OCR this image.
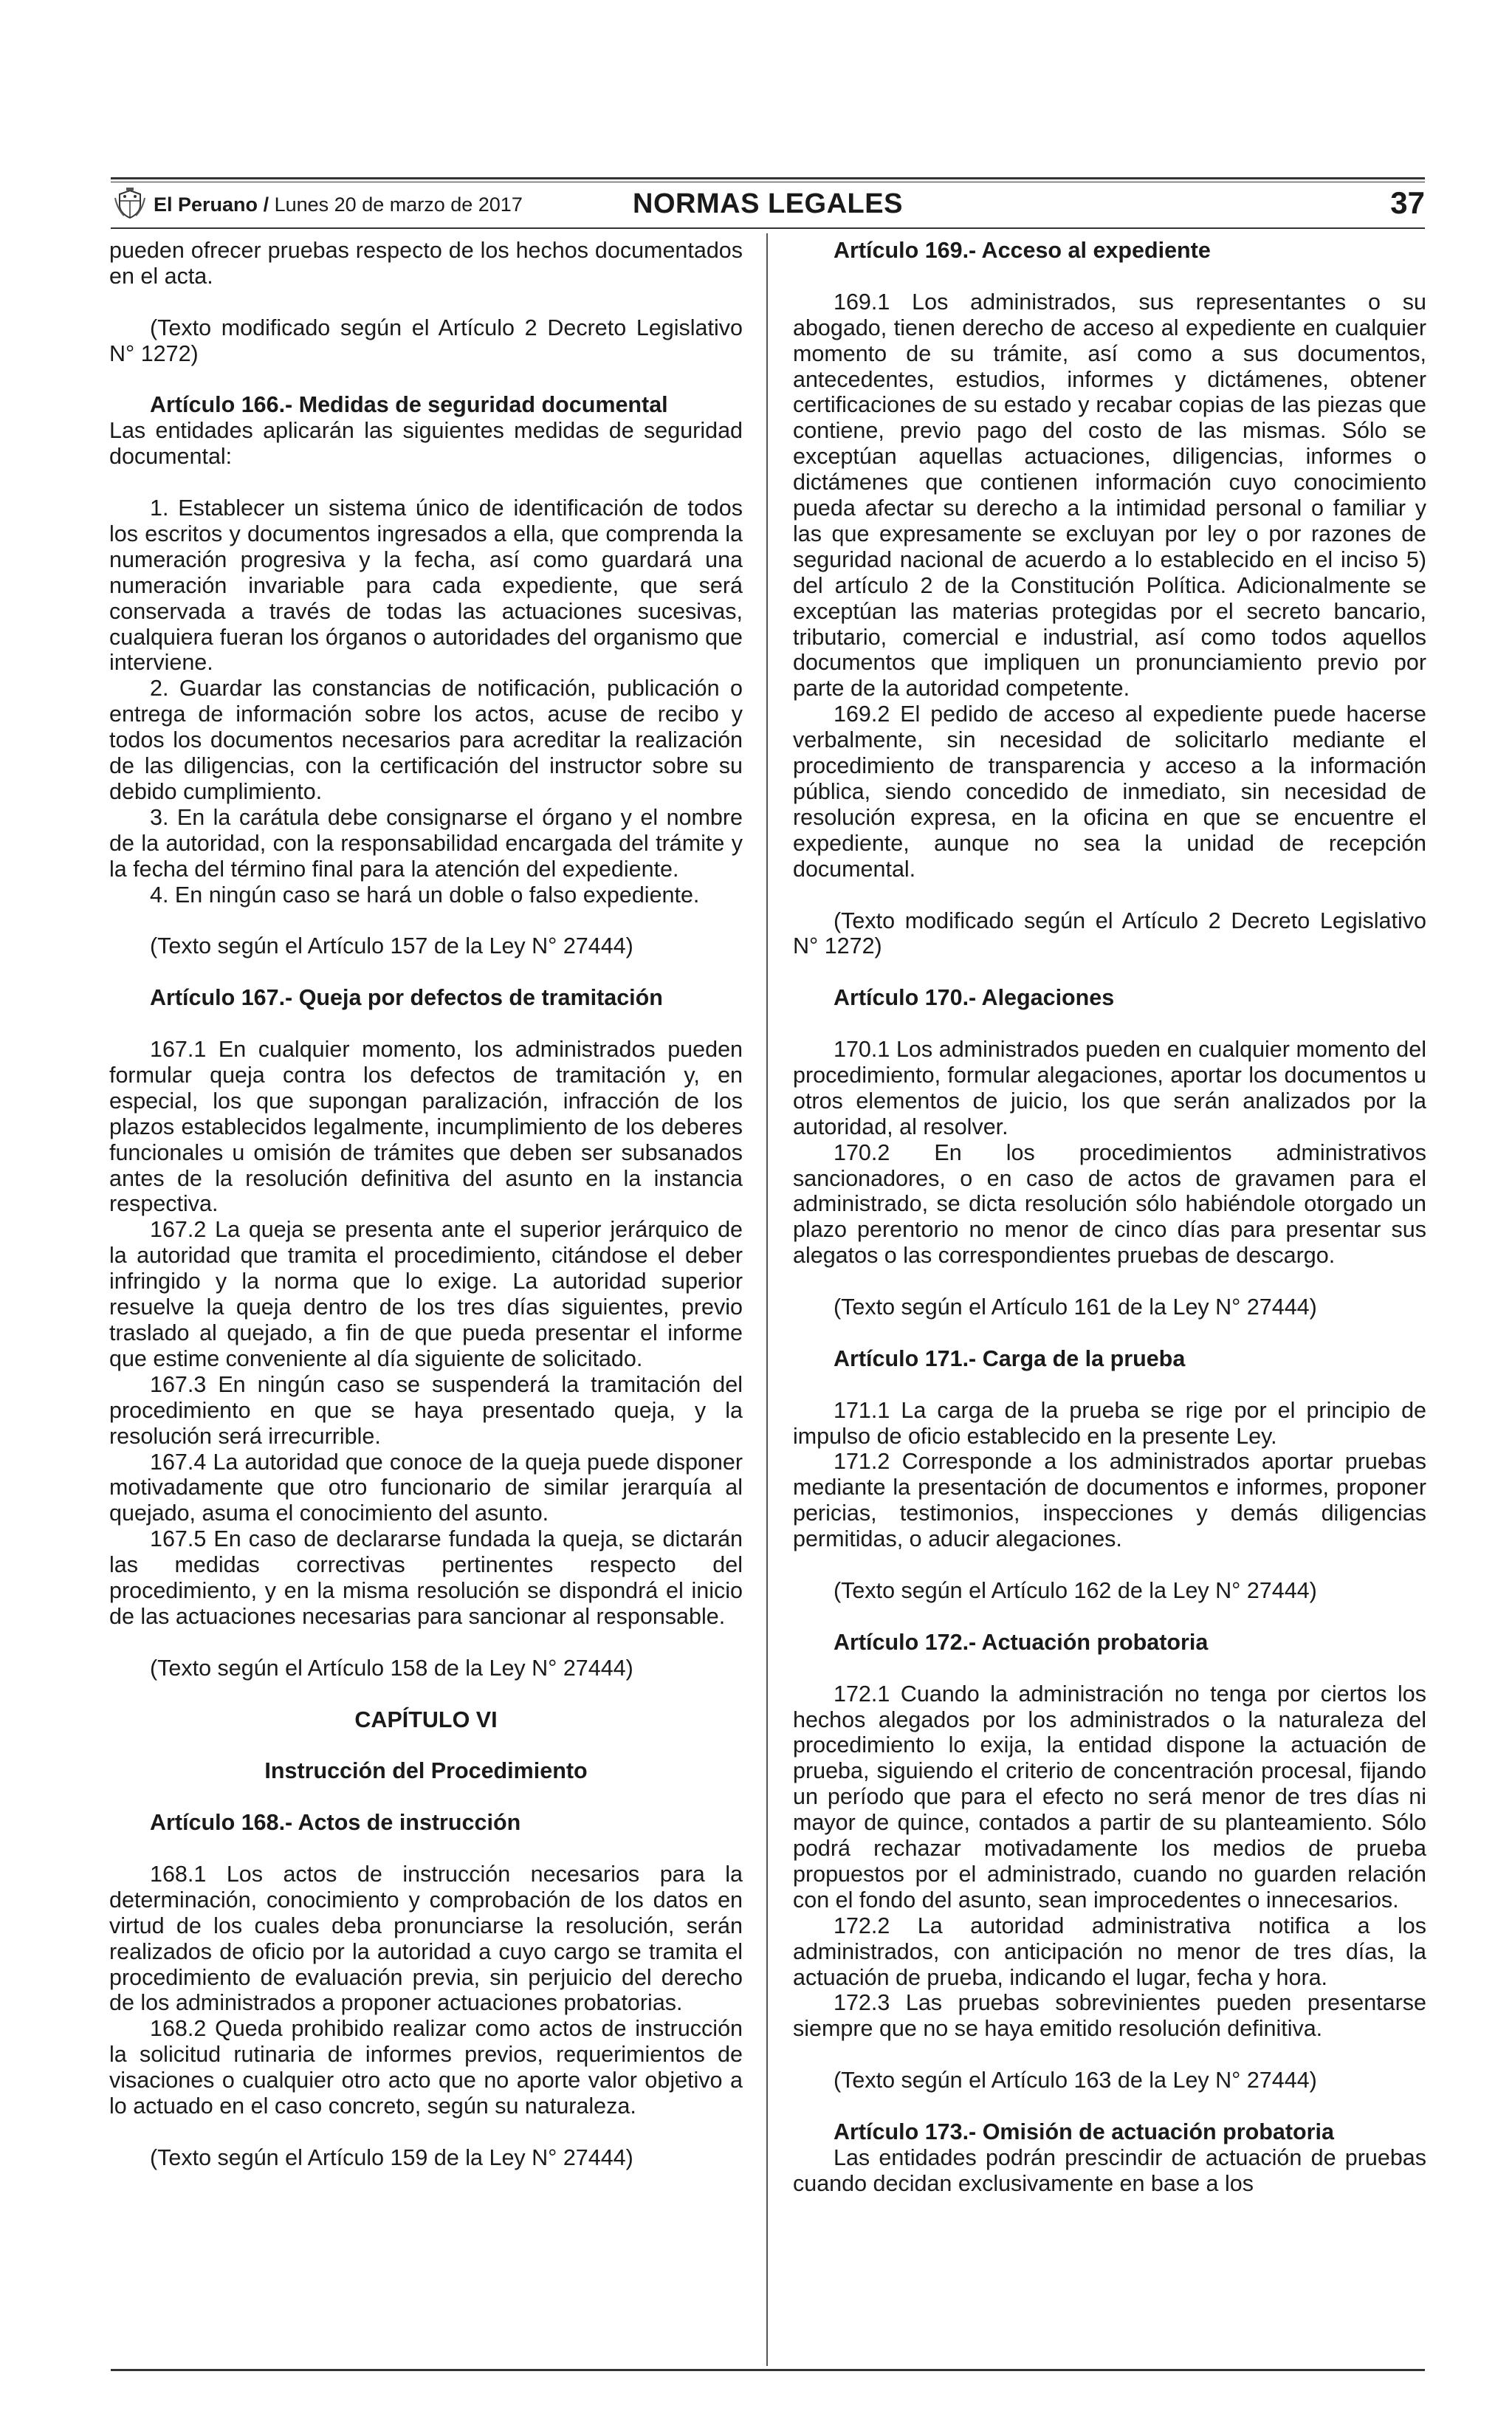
El Peruano / Lunes 20 de marzo de 2017	NORMAS LEGALES	37

pueden ofrecer pruebas respecto de los hechos documentados en el acta.

(Texto modificado según el Artículo 2 Decreto Legislativo N° 1272)

Artículo 166.- Medidas de seguridad documental

Las entidades aplicarán las siguientes medidas de seguridad documental:

1. Establecer un sistema único de identificación de todos los escritos y documentos ingresados a ella, que comprenda la numeración progresiva y la fecha, así como guardará una numeración invariable para cada expediente, que será conservada a través de todas las actuaciones sucesivas, cualquiera fueran los órganos o autoridades del organismo que interviene.

2. Guardar las constancias de notificación, publicación o entrega de información sobre los actos, acuse de recibo y todos los documentos necesarios para acreditar la realización de las diligencias, con la certificación del instructor sobre su debido cumplimiento.

3. En la carátula debe consignarse el órgano y el nombre de la autoridad, con la responsabilidad encargada del trámite y la fecha del término final para la atención del expediente.

4. En ningún caso se hará un doble o falso expediente.

(Texto según el Artículo 157 de la Ley N° 27444)

Artículo 167.- Queja por defectos de tramitación

167.1 En cualquier momento, los administrados pueden formular queja contra los defectos de tramitación y, en especial, los que supongan paralización, infracción de los plazos establecidos legalmente, incumplimiento de los deberes funcionales u omisión de trámites que deben ser subsanados antes de la resolución definitiva del asunto en la instancia respectiva.

167.2 La queja se presenta ante el superior jerárquico de la autoridad que tramita el procedimiento, citándose el deber infringido y la norma que lo exige. La autoridad superior resuelve la queja dentro de los tres días siguientes, previo traslado al quejado, a fin de que pueda presentar el informe que estime conveniente al día siguiente de solicitado.

167.3 En ningún caso se suspenderá la tramitación del procedimiento en que se haya presentado queja, y la resolución será irrecurrible.

167.4 La autoridad que conoce de la queja puede disponer motivadamente que otro funcionario de similar jerarquía al quejado, asuma el conocimiento del asunto.

167.5 En caso de declararse fundada la queja, se dictarán las medidas correctivas pertinentes respecto del procedimiento, y en la misma resolución se dispondrá el inicio de las actuaciones necesarias para sancionar al responsable.

(Texto según el Artículo 158 de la Ley N° 27444)

CAPÍTULO VI

Instrucción del Procedimiento

Artículo 168.- Actos de instrucción

168.1 Los actos de instrucción necesarios para la determinación, conocimiento y comprobación de los datos en virtud de los cuales deba pronunciarse la resolución, serán realizados de oficio por la autoridad a cuyo cargo se tramita el procedimiento de evaluación previa, sin perjuicio del derecho de los administrados a proponer actuaciones probatorias.

168.2 Queda prohibido realizar como actos de instrucción la solicitud rutinaria de informes previos, requerimientos de visaciones o cualquier otro acto que no aporte valor objetivo a lo actuado en el caso concreto, según su naturaleza.

(Texto según el Artículo 159 de la Ley N° 27444)

Artículo 169.- Acceso al expediente

169.1 Los administrados, sus representantes o su abogado, tienen derecho de acceso al expediente en cualquier momento de su trámite, así como a sus documentos, antecedentes, estudios, informes y dictámenes, obtener certificaciones de su estado y recabar copias de las piezas que contiene, previo pago del costo de las mismas. Sólo se exceptúan aquellas actuaciones, diligencias, informes o dictámenes que contienen información cuyo conocimiento pueda afectar su derecho a la intimidad personal o familiar y las que expresamente se excluyan por ley o por razones de seguridad nacional de acuerdo a lo establecido en el inciso 5) del artículo 2 de la Constitución Política. Adicionalmente se exceptúan las materias protegidas por el secreto bancario, tributario, comercial e industrial, así como todos aquellos documentos que impliquen un pronunciamiento previo por parte de la autoridad competente.

169.2 El pedido de acceso al expediente puede hacerse verbalmente, sin necesidad de solicitarlo mediante el procedimiento de transparencia y acceso a la información pública, siendo concedido de inmediato, sin necesidad de resolución expresa, en la oficina en que se encuentre el expediente, aunque no sea la unidad de recepción documental.

(Texto modificado según el Artículo 2 Decreto Legislativo N° 1272)

Artículo 170.- Alegaciones

170.1 Los administrados pueden en cualquier momento del procedimiento, formular alegaciones, aportar los documentos u otros elementos de juicio, los que serán analizados por la autoridad, al resolver.

170.2 En los procedimientos administrativos sancionadores, o en caso de actos de gravamen para el administrado, se dicta resolución sólo habiéndole otorgado un plazo perentorio no menor de cinco días para presentar sus alegatos o las correspondientes pruebas de descargo.

(Texto según el Artículo 161 de la Ley N° 27444)

Artículo 171.- Carga de la prueba

171.1 La carga de la prueba se rige por el principio de impulso de oficio establecido en la presente Ley.

171.2 Corresponde a los administrados aportar pruebas mediante la presentación de documentos e informes, proponer pericias, testimonios, inspecciones y demás diligencias permitidas, o aducir alegaciones.

(Texto según el Artículo 162 de la Ley N° 27444)

Artículo 172.- Actuación probatoria

172.1 Cuando la administración no tenga por ciertos los hechos alegados por los administrados o la naturaleza del procedimiento lo exija, la entidad dispone la actuación de prueba, siguiendo el criterio de concentración procesal, fijando un período que para el efecto no será menor de tres días ni mayor de quince, contados a partir de su planteamiento. Sólo podrá rechazar motivadamente los medios de prueba propuestos por el administrado, cuando no guarden relación con el fondo del asunto, sean improcedentes o innecesarios.

172.2 La autoridad administrativa notifica a los administrados, con anticipación no menor de tres días, la actuación de prueba, indicando el lugar, fecha y hora.

172.3 Las pruebas sobrevinientes pueden presentarse siempre que no se haya emitido resolución definitiva.

(Texto según el Artículo 163 de la Ley N° 27444)

Artículo 173.- Omisión de actuación probatoria

Las entidades podrán prescindir de actuación de pruebas cuando decidan exclusivamente en base a los
